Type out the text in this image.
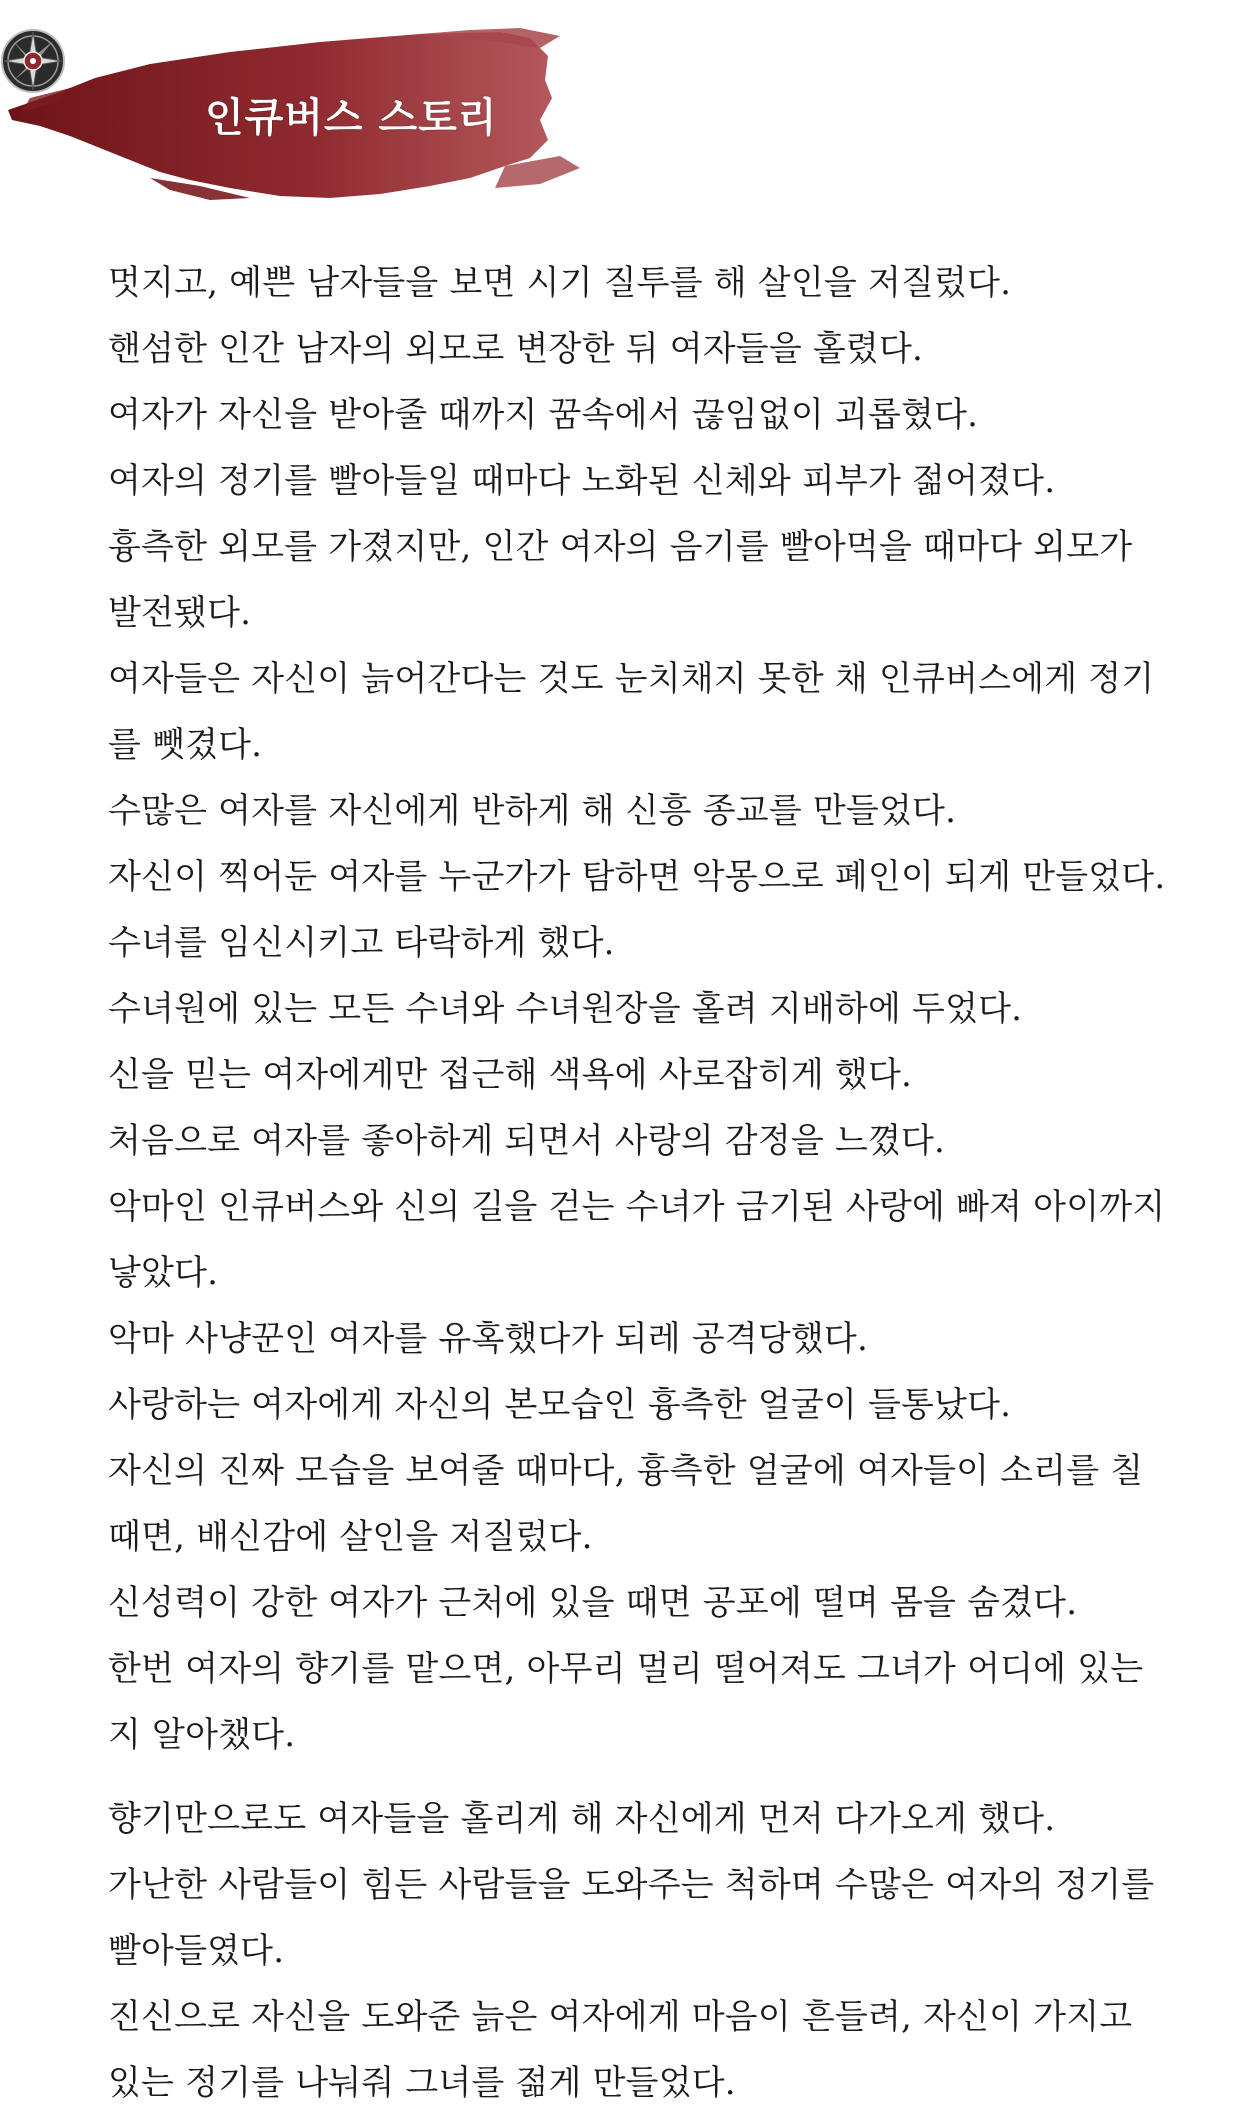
인큐버스 스토리
멋지고, 예쁜 남자들을 보면 시기 질투를 해 살인을 저질렀다.
핸섬한 인간 남자의 외모로 변장한 뒤 여자들을 홀렸다.
여자가 자신을 받아줄 때까지 꿈속에서 끊임없이 괴롭혔다.
여자의 정기를 빨아들일 때마다 노화된 신체와 피부가 젊어졌다.
흉측한 외모를 가졌지만, 인간 여자의 음기를 빨아먹을 때마다 외모가
발전됐다.
여자들은 자신이 늙어간다는 것도 눈치채지 못한 채 인큐버스에게 정기
를 뺏겼다.
수많은 여자를 자신에게 반하게 해 신흥 종교를 만들었다.
자신이 찍어둔 여자를 누군가가 탐하면 악몽으로 폐인이 되게 만들었다.
수녀를 임신시키고 타락하게 했다.
수녀원에 있는 모든 수녀와 수녀원장을 홀려 지배하에 두었다.
신을 믿는 여자에게만 접근해 색욕에 사로잡히게 했다.
처음으로 여자를 좋아하게 되면서 사랑의 감정을 느꼈다.
악마인 인큐버스와 신의 길을 걷는 수녀가 금기된 사랑에 빠져 아이까지
낳았다.
악마 사냥꾼인 여자를 유혹했다가 되레 공격당했다.
사랑하는 여자에게 자신의 본모습인 흉측한 얼굴이 들통났다.
자신의 진짜 모습을 보여줄 때마다, 흉측한 얼굴에 여자들이 소리를 칠
때면, 배신감에 살인을 저질렀다.
신성력이 강한 여자가 근처에 있을 때면 공포에 떨며 몸을 숨겼다.
한번 여자의 향기를 맡으면, 아무리 멀리 떨어져도 그녀가 어디에 있는
지 알아챘다.
향기만으로도 여자들을 홀리게 해 자신에게 먼저 다가오게 했다.
가난한 사람들이 힘든 사람들을 도와주는 척하며 수많은 여자의 정기를
빨아들였다.
진신으로 자신을 도와준 늙은 여자에게 마음이 흔들려, 자신이 가지고
있는 정기를 나눠줘 그녀를 젊게 만들었다.
